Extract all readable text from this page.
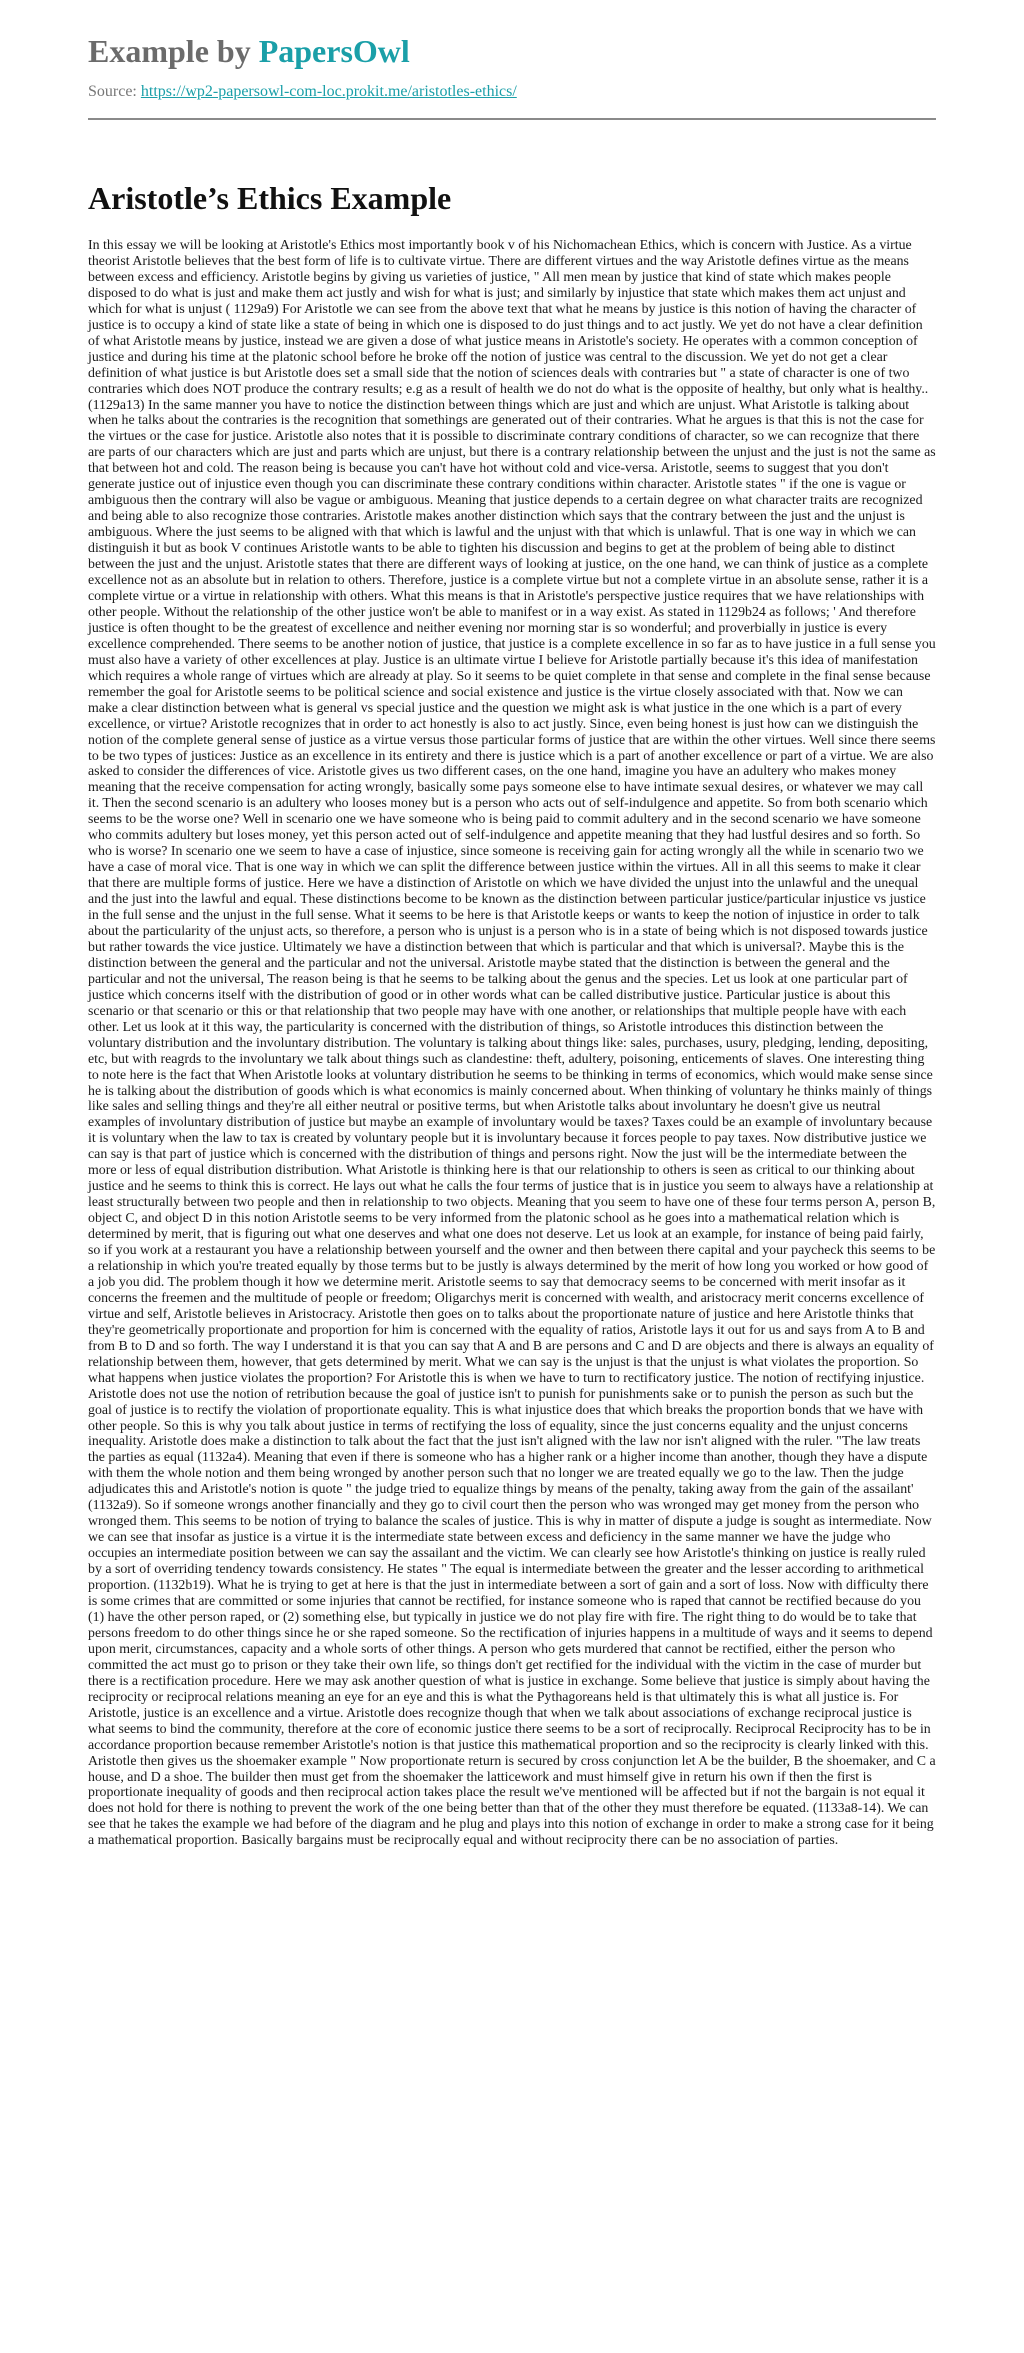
Example by PapersOwl
Source: https://wp2-papersowl-com-loc.prokit.me/aristotles-ethics/
Aristotle’s Ethics Example

In this essay we will be looking at Aristotle's Ethics most importantly book v of his Nichomachean Ethics, which is concern with Justice. As a virtue theorist Aristotle believes that the best form of life is to cultivate virtue. There are different virtues and the way Aristotle defines virtue as the means between excess and efficiency. Aristotle begins by giving us varieties of justice, " All men mean by justice that kind of state which makes people disposed to do what is just and make them act justly and wish for what is just; and similarly by injustice that state which makes them act unjust and which for what is unjust ( 1129a9) For Aristotle we can see from the above text that what he means by justice is this notion of having the character of justice is to occupy a kind of state like a state of being in which one is disposed to do just things and to act justly. We yet do not have a clear definition of what Aristotle means by justice, instead we are given a dose of what justice means in Aristotle's society. He operates with a common conception of justice and during his time at the platonic school before he broke off the notion of justice was central to the discussion. We yet do not get a clear definition of what justice is but Aristotle does set a small side that the notion of sciences deals with contraries but " a state of character is one of two contraries which does NOT produce the contrary results; e.g as a result of health we do not do what is the opposite of healthy, but only what is healthy.. (1129a13) In the same manner you have to notice the distinction between things which are just and which are unjust. What Aristotle is talking about when he talks about the contraries is the recognition that somethings are generated out of their contraries. What he argues is that this is not the case for the virtues or the case for justice. Aristotle also notes that it is possible to discriminate contrary conditions of character, so we can recognize that there are parts of our characters which are just and parts which are unjust, but there is a contrary relationship between the unjust and the just is not the same as that between hot and cold. The reason being is because you can't have hot without cold and vice-versa. Aristotle, seems to suggest that you don't generate justice out of injustice even though you can discriminate these contrary conditions within character. Aristotle states " if the one is vague or ambiguous then the contrary will also be vague or ambiguous. Meaning that justice depends to a certain degree on what character traits are recognized and being able to also recognize those contraries. Aristotle makes another distinction which says that the contrary between the just and the unjust is ambiguous. Where the just seems to be aligned with that which is lawful and the unjust with that which is unlawful. That is one way in which we can distinguish it but as book V continues Aristotle wants to be able to tighten his discussion and begins to get at the problem of being able to distinct between the just and the unjust. Aristotle states that there are different ways of looking at justice, on the one hand, we can think of justice as a complete excellence not as an absolute but in relation to others. Therefore, justice is a complete virtue but not a complete virtue in an absolute sense, rather it is a complete virtue or a virtue in relationship with others. What this means is that in Aristotle's perspective justice requires that we have relationships with other people. Without the relationship of the other justice won't be able to manifest or in a way exist. As stated in 1129b24 as follows; ' And therefore justice is often thought to be the greatest of excellence and neither evening nor morning star is so wonderful; and proverbially in justice is every excellence comprehended. There seems to be another notion of justice, that justice is a complete excellence in so far as to have justice in a full sense you must also have a variety of other excellences at play. Justice is an ultimate virtue I believe for Aristotle partially because it's this idea of manifestation which requires a whole range of virtues which are already at play. So it seems to be quiet complete in that sense and complete in the final sense because remember the goal for Aristotle seems to be political science and social existence and justice is the virtue closely associated with that. Now we can make a clear distinction between what is general vs special justice and the question we might ask is what justice in the one which is a part of every excellence, or virtue? Aristotle recognizes that in order to act honestly is also to act justly. Since, even being honest is just how can we distinguish the notion of the complete general sense of justice as a virtue versus those particular forms of justice that are within the other virtues. Well since there seems to be two types of justices: Justice as an excellence in its entirety and there is justice which is a part of another excellence or part of a virtue. We are also asked to consider the differences of vice. Aristotle gives us two different cases, on the one hand, imagine you have an adultery who makes money meaning that the receive compensation for acting wrongly, basically some pays someone else to have intimate sexual desires, or whatever we may call it. Then the second scenario is an adultery who looses money but is a person who acts out of self-indulgence and appetite. So from both scenario which seems to be the worse one? Well in scenario one we have someone who is being paid to commit adultery and in the second scenario we have someone who commits adultery but loses money, yet this person acted out of self-indulgence and appetite meaning that they had lustful desires and so forth. So who is worse? In scenario one we seem to have a case of injustice, since someone is receiving gain for acting wrongly all the while in scenario two we have a case of moral vice. That is one way in which we can split the difference between justice within the virtues. All in all this seems to make it clear that there are multiple forms of justice. Here we have a distinction of Aristotle on which we have divided the unjust into the unlawful and the unequal and the just into the lawful and equal. These distinctions become to be known as the distinction between particular justice/particular injustice vs justice in the full sense and the unjust in the full sense. What it seems to be here is that Aristotle keeps or wants to keep the notion of injustice in order to talk about the particularity of the unjust acts, so therefore, a person who is unjust is a person who is in a state of being which is not disposed towards justice but rather towards the vice justice. Ultimately we have a distinction between that which is particular and that which is universal?. Maybe this is the distinction between the general and the particular and not the universal. Aristotle maybe stated that the distinction is between the general and the particular and not the universal, The reason being is that he seems to be talking about the genus and the species. Let us look at one particular part of justice which concerns itself with the distribution of good or in other words what can be called distributive justice. Particular justice is about this scenario or that scenario or this or that relationship that two people may have with one another, or relationships that multiple people have with each other. Let us look at it this way, the particularity is concerned with the distribution of things, so Aristotle introduces this distinction between the voluntary distribution and the involuntary distribution. The voluntary is talking about things like: sales, purchases, usury, pledging, lending, depositing, etc, but with reagrds to the involuntary we talk about things such as clandestine: theft, adultery, poisoning, enticements of slaves. One interesting thing to note here is the fact that When Aristotle looks at voluntary distribution he seems to be thinking in terms of economics, which would make sense since he is talking about the distribution of goods which is what economics is mainly concerned about. When thinking of voluntary he thinks mainly of things like sales and selling things and they're all either neutral or positive terms, but when Aristotle talks about involuntary he doesn't give us neutral examples of involuntary distribution of justice but maybe an example of involuntary would be taxes? Taxes could be an example of involuntary because it is voluntary when the law to tax is created by voluntary people but it is involuntary because it forces people to pay taxes. Now distributive justice we can say is that part of justice which is concerned with the distribution of things and persons right. Now the just will be the intermediate between the more or less of equal distribution distribution. What Aristotle is thinking here is that our relationship to others is seen as critical to our thinking about justice and he seems to think this is correct. He lays out what he calls the four terms of justice that is in justice you seem to always have a relationship at least structurally between two people and then in relationship to two objects. Meaning that you seem to have one of these four terms person A, person B, object C, and object D in this notion Aristotle seems to be very informed from the platonic school as he goes into a mathematical relation which is determined by merit, that is figuring out what one deserves and what one does not deserve. Let us look at an example, for instance of being paid fairly, so if you work at a restaurant you have a relationship between yourself and the owner and then between there capital and your paycheck this seems to be a relationship in which you're treated equally by those terms but to be justly is always determined by the merit of how long you worked or how good of a job you did. The problem though it how we determine merit. Aristotle seems to say that democracy seems to be concerned with merit insofar as it concerns the freemen and the multitude of people or freedom; Oligarchys merit is concerned with wealth, and aristocracy merit concerns excellence of virtue and self, Aristotle believes in Aristocracy. Aristotle then goes on to talks about the proportionate nature of justice and here Aristotle thinks that they're geometrically proportionate and proportion for him is concerned with the equality of ratios, Aristotle lays it out for us and says from A to B and from B to D and so forth. The way I understand it is that you can say that A and B are persons and C and D are objects and there is always an equality of relationship between them, however, that gets determined by merit. What we can say is the unjust is that the unjust is what violates the proportion. So what happens when justice violates the proportion? For Aristotle this is when we have to turn to rectificatory justice. The notion of rectifying injustice. Aristotle does not use the notion of retribution because the goal of justice isn't to punish for punishments sake or to punish the person as such but the goal of justice is to rectify the violation of proportionate equality. This is what injustice does that which breaks the proportion bonds that we have with other people. So this is why you talk about justice in terms of rectifying the loss of equality, since the just concerns equality and the unjust concerns inequality. Aristotle does make a distinction to talk about the fact that the just isn't aligned with the law nor isn't aligned with the ruler. "The law treats the parties as equal (1132a4). Meaning that even if there is someone who has a higher rank or a higher income than another, though they have a dispute with them the whole notion and them being wronged by another person such that no longer we are treated equally we go to the law. Then the judge adjudicates this and Aristotle's notion is quote " the judge tried to equalize things by means of the penalty, taking away from the gain of the assailant' (1132a9). So if someone wrongs another financially and they go to civil court then the person who was wronged may get money from the person who wronged them. This seems to be notion of trying to balance the scales of justice. This is why in matter of dispute a judge is sought as intermediate. Now we can see that insofar as justice is a virtue it is the intermediate state between excess and deficiency in the same manner we have the judge who occupies an intermediate position between we can say the assailant and the victim. We can clearly see how Aristotle's thinking on justice is really ruled by a sort of overriding tendency towards consistency. He states " The equal is intermediate between the greater and the lesser according to arithmetical proportion. (1132b19). What he is trying to get at here is that the just in intermediate between a sort of gain and a sort of loss. Now with difficulty there is some crimes that are committed or some injuries that cannot be rectified, for instance someone who is raped that cannot be rectified because do you (1) have the other person raped, or (2) something else, but typically in justice we do not play fire with fire. The right thing to do would be to take that persons freedom to do other things since he or she raped someone. So the rectification of injuries happens in a multitude of ways and it seems to depend upon merit, circumstances, capacity and a whole sorts of other things. A person who gets murdered that cannot be rectified, either the person who committed the act must go to prison or they take their own life, so things don't get rectified for the individual with the victim in the case of murder but there is a rectification procedure. Here we may ask another question of what is justice in exchange. Some believe that justice is simply about having the reciprocity or reciprocal relations meaning an eye for an eye and this is what the Pythagoreans held is that ultimately this is what all justice is. For Aristotle, justice is an excellence and a virtue. Aristotle does recognize though that when we talk about associations of exchange reciprocal justice is what seems to bind the community, therefore at the core of economic justice there seems to be a sort of reciprocally. Reciprocal Reciprocity has to be in accordance proportion because remember Aristotle's notion is that justice this mathematical proportion and so the reciprocity is clearly linked with this. Aristotle then gives us the shoemaker example " Now proportionate return is secured by cross conjunction let A be the builder, B the shoemaker, and C a house, and D a shoe. The builder then must get from the shoemaker the latticework and must himself give in return his own if then the first is proportionate inequality of goods and then reciprocal action takes place the result we've mentioned will be affected but if not the bargain is not equal it does not hold for there is nothing to prevent the work of the one being better than that of the other they must therefore be equated. (1133a8-14). We can see that he takes the example we had before of the diagram and he plug and plays into this notion of exchange in order to make a strong case for it being a mathematical proportion. Basically bargains must be reciprocally equal and without reciprocity there can be no association of parties.
